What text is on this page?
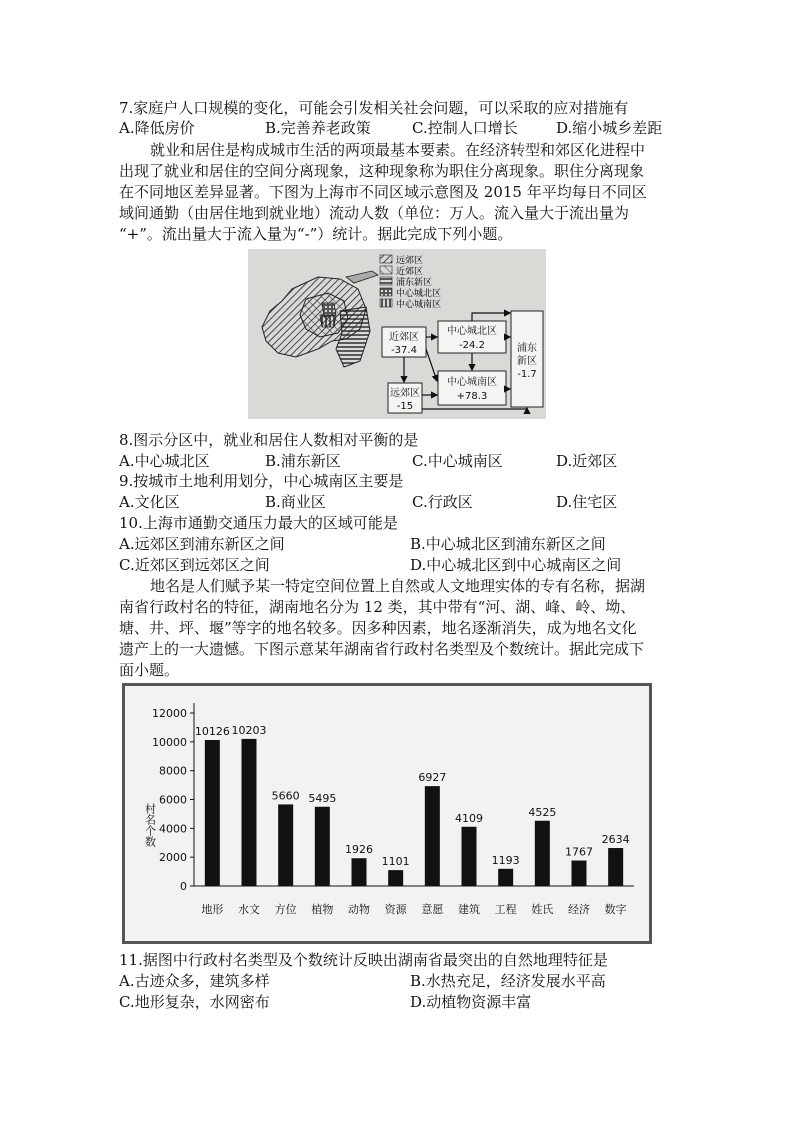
7.家庭户人口规模的变化，可能会引发相关社会问题，可以采取的应对措施有
A.降低房价	B.完善养老政策	C.控制人口增长	D.缩小城乡差距
就业和居住是构成城市生活的两项最基本要素。在经济转型和郊区化进程中
出现了就业和居住的空间分离现象，这种现象称为职住分离现象。职住分离现象
在不同地区差异显著。下图为上海市不同区域示意图及 2015 年平均每日不同区
域间通勤（由居住地到就业地）流动人数（单位：万人。流入量大于流出量为
“+”。流出量大于流入量为“-”）统计。据此完成下列小题。
远郊区
近郊区
浦东新区
中心城北区
中心城南区
近郊区
-37.4
中心城北区
-24.2	浦东
新区
-1.7
中心城南区
+78.3
远郊区
-15
8.图示分区中，就业和居住人数相对平衡的是
A.中心城北区	B.浦东新区	C.中心城南区	D.近郊区
9.按城市土地利用划分，中心城南区主要是
A.文化区	B.商业区	C.行政区	D.住宅区
10.上海市通勤交通压力最大的区域可能是
A.远郊区到浦东新区之间	B.中心城北区到浦东新区之间
C.近郊区到远郊区之间	D.中心城北区到中心城南区之间
地名是人们赋予某一特定空间位置上自然或人文地理实体的专有名称，据湖
南省行政村名的特征，湖南地名分为 12 类，其中带有“河、湖、峰、岭、坳、
塘、井、坪、堰”等字的地名较多。因多种因素，地名逐渐消失，成为地名文化
遗产上的一大遗憾。下图示意某年湖南省行政村名类型及个数统计。据此完成下
面小题。
村名个数
0
2000
4000
6000
8000
10000
12000
10126
地形
10203
水文
5660
方位
5495
植物
1926
动物
1101
资源
6927
意愿
4109
建筑
1193
工程
4525
姓氏
1767
经济
2634
数字
11.据图中行政村名类型及个数统计反映出湖南省最突出的自然地理特征是
A.古迹众多，建筑多样	B.水热充足，经济发展水平高
C.地形复杂，水网密布	D.动植物资源丰富
